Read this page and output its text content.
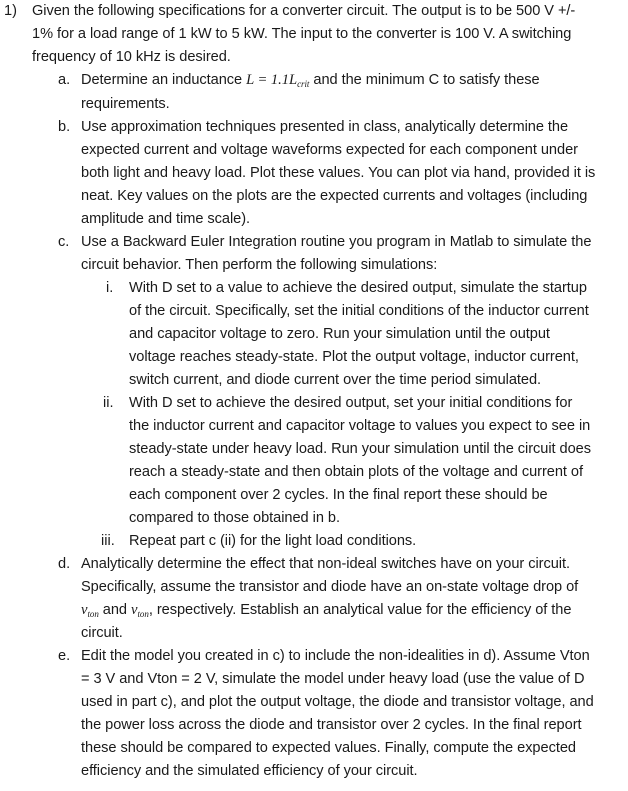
1) Given the following specifications for a converter circuit. The output is to be 500 V +/-
1% for a load range of 1 kW to 5 kW. The input to the converter is 100 V. A switching
frequency of 10 kHz is desired.
a. Determine an inductance $L = 1.1L_{crit}$ and the minimum C to satisfy these
requirements.
b. Use approximation techniques presented in class, analytically determine the
expected current and voltage waveforms expected for each component under
both light and heavy load. Plot these values. You can plot via hand, provided it is
neat. Key values on the plots are the expected currents and voltages (including
amplitude and time scale).
c. Use a Backward Euler Integration routine you program in Matlab to simulate the
circuit behavior. Then perform the following simulations:
i. With D set to a value to achieve the desired output, simulate the startup
of the circuit. Specifically, set the initial conditions of the inductor current
and capacitor voltage to zero. Run your simulation until the output
voltage reaches steady-state. Plot the output voltage, inductor current,
switch current, and diode current over the time period simulated.
ii. With D set to achieve the desired output, set your initial conditions for
the inductor current and capacitor voltage to values you expect to see in
steady-state under heavy load. Run your simulation until the circuit does
reach a steady-state and then obtain plots of the voltage and current of
each component over 2 cycles. In the final report these should be
compared to those obtained in b.
iii. Repeat part c (ii) for the light load conditions.
d. Analytically determine the effect that non-ideal switches have on your circuit.
Specifically, assume the transistor and diode have an on-state voltage drop of
$v_{ton}$ and $v_{ton}$, respectively. Establish an analytical value for the efficiency of the
circuit.
e. Edit the model you created in c) to include the non-idealities in d). Assume Vton
= 3 V and Vton = 2 V, simulate the model under heavy load (use the value of D
used in part c), and plot the output voltage, the diode and transistor voltage, and
the power loss across the diode and transistor over 2 cycles. In the final report
these should be compared to expected values. Finally, compute the expected
efficiency and the simulated efficiency of your circuit.
